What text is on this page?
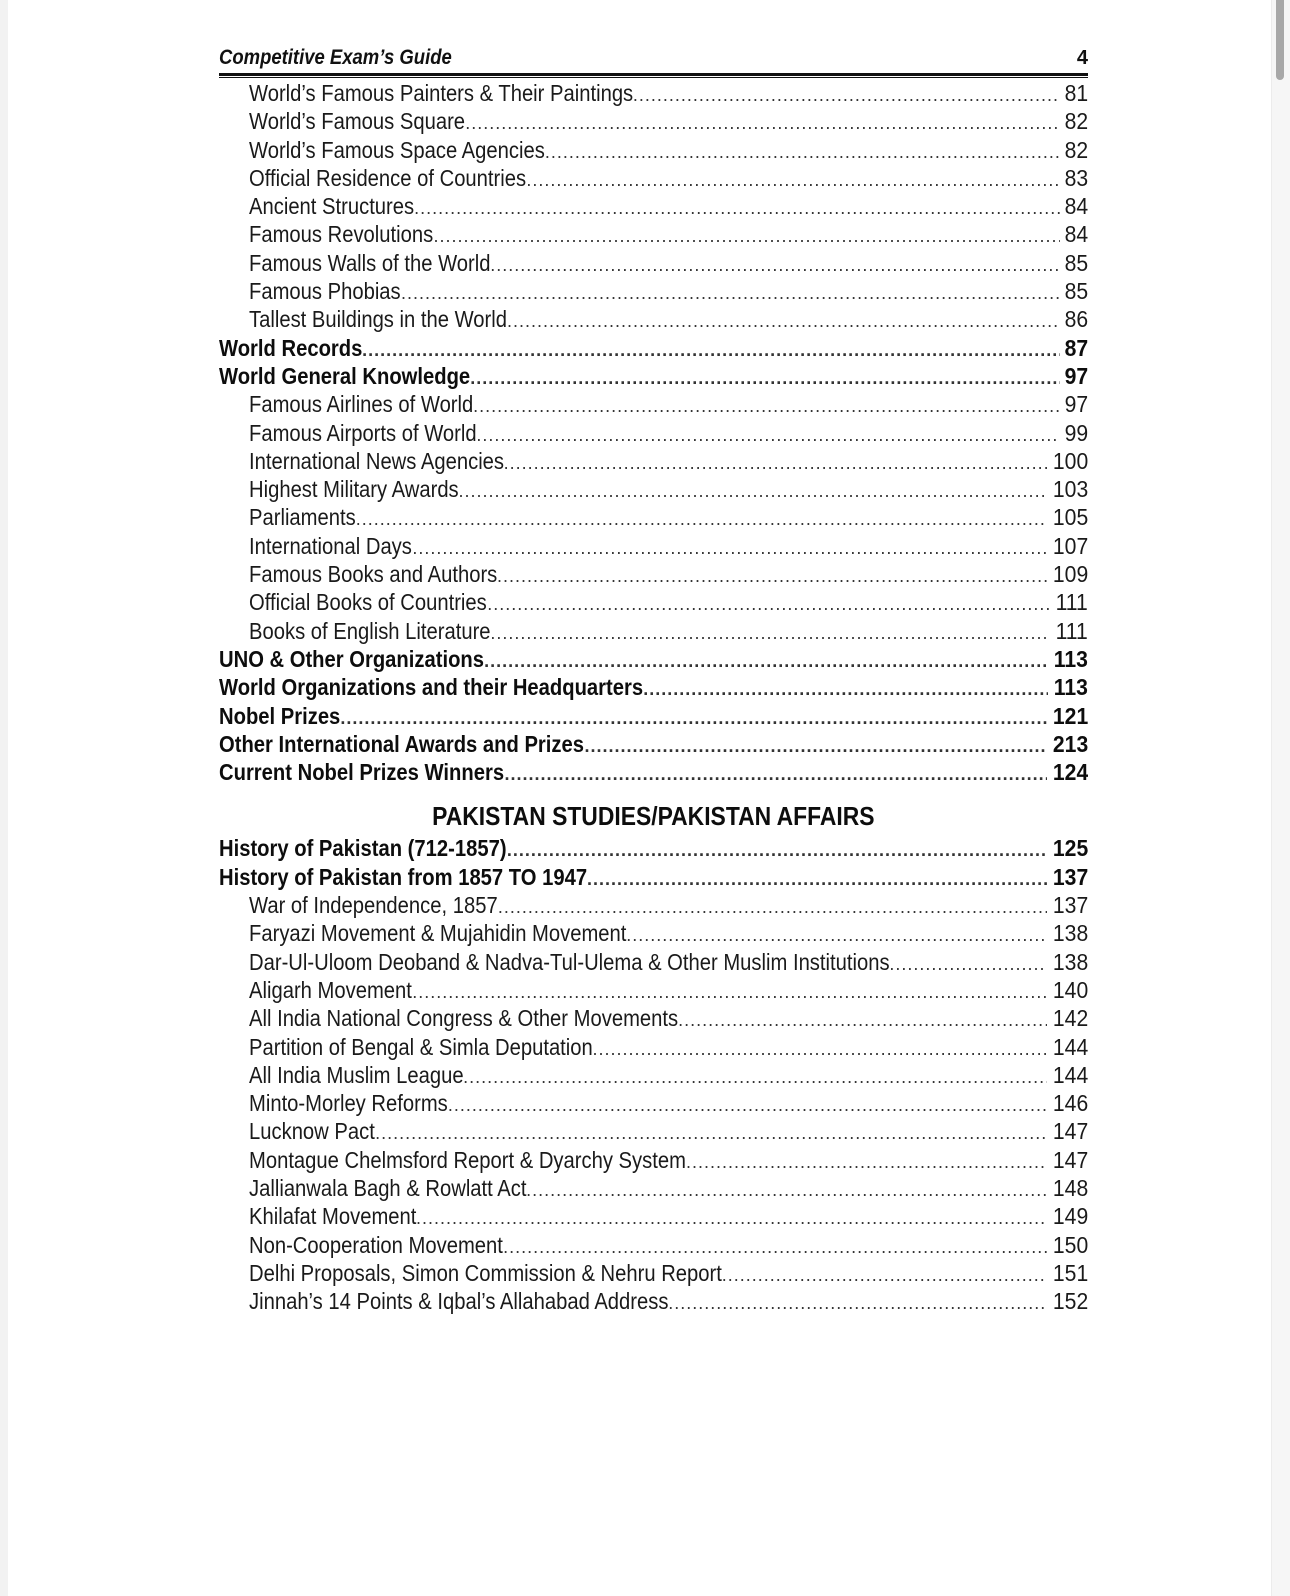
Competitive Exam’s Guide	4
World’s Famous Painters & Their Paintings .....	81
World’s Famous Square .....	82
World’s Famous Space Agencies .....	82
Official Residence of Countries .....	83
Ancient Structures .....	84
Famous Revolutions .....	84
Famous Walls of the World .....	85
Famous Phobias .....	85
Tallest Buildings in the World .....	86
World Records .....	87
World General Knowledge .....	97
Famous Airlines of World .....	97
Famous Airports of World .....	99
International News Agencies .....	100
Highest Military Awards .....	103
Parliaments .....	105
International Days .....	107
Famous Books and Authors .....	109
Official Books of Countries .....	111
Books of English Literature .....	111
UNO & Other Organizations .....	113
World Organizations and their Headquarters .....	113
Nobel Prizes .....	121
Other International Awards and Prizes .....	213
Current Nobel Prizes Winners .....	124
PAKISTAN STUDIES/PAKISTAN AFFAIRS
History of Pakistan (712-1857) .....	125
History of Pakistan from 1857 TO 1947 .....	137
War of Independence, 1857 .....	137
Faryazi Movement & Mujahidin Movement .....	138
Dar-Ul-Uloom Deoband & Nadva-Tul-Ulema & Other Muslim Institutions .....	138
Aligarh Movement .....	140
All India National Congress & Other Movements .....	142
Partition of Bengal & Simla Deputation .....	144
All India Muslim League .....	144
Minto-Morley Reforms .....	146
Lucknow Pact .....	147
Montague Chelmsford Report & Dyarchy System .....	147
Jallianwala Bagh & Rowlatt Act .....	148
Khilafat Movement .....	149
Non-Cooperation Movement .....	150
Delhi Proposals, Simon Commission & Nehru Report .....	151
Jinnah’s 14 Points & Iqbal’s Allahabad Address .....	152
